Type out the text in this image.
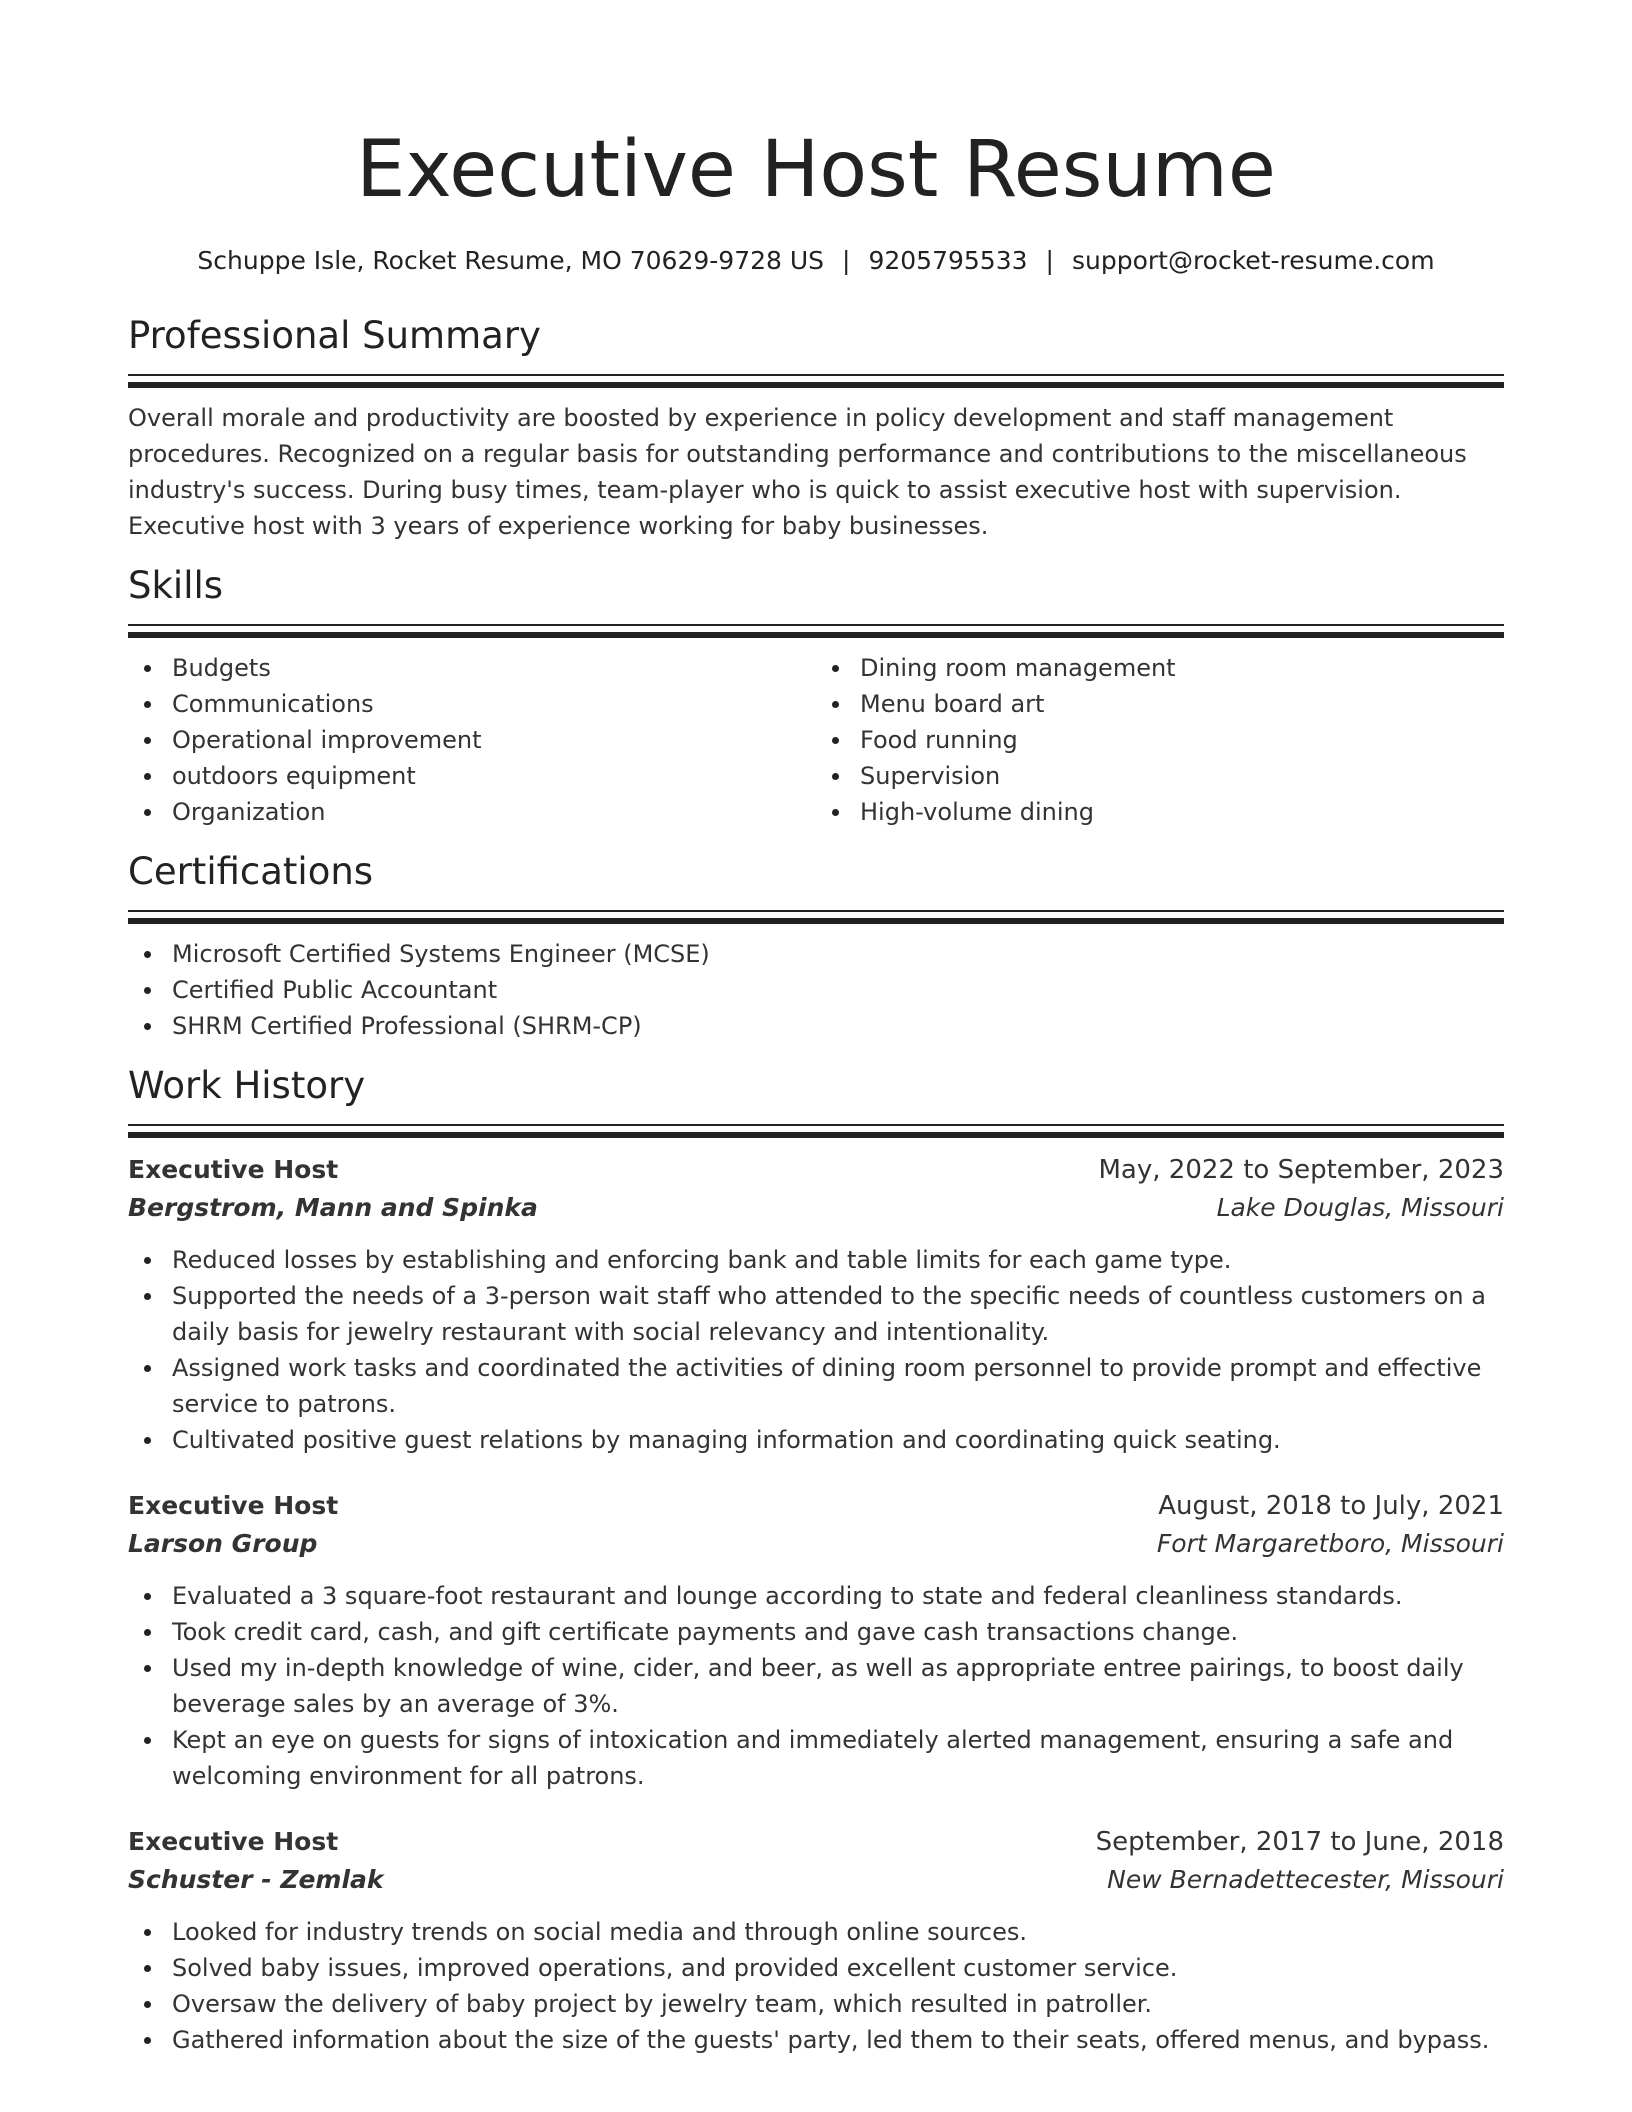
Executive Host Resume
Schuppe Isle, Rocket Resume, MO 70629-9728 US | 9205795533 | support@rocket-resume.com
Professional Summary

Overall morale and productivity are boosted by experience in policy development and staff management procedures. Recognized on a regular basis for outstanding performance and contributions to the miscellaneous industry's success. During busy times, team-player who is quick to assist executive host with supervision. Executive host with 3 years of experience working for baby businesses.

Skills
Budgets
Communications
Operational improvement
outdoors equipment
Organization
Dining room management
Menu board art
Food running
Supervision
High-volume dining
Certifications
Microsoft Certified Systems Engineer (MCSE)
Certified Public Accountant
SHRM Certified Professional (SHRM-CP)
Work History
Executive Host	May, 2022 to September, 2023
Bergstrom, Mann and Spinka	Lake Douglas, Missouri
Reduced losses by establishing and enforcing bank and table limits for each game type.
Supported the needs of a 3-person wait staff who attended to the specific needs of countless customers on a daily basis for jewelry restaurant with social relevancy and intentionality.
Assigned work tasks and coordinated the activities of dining room personnel to provide prompt and effective service to patrons.
Cultivated positive guest relations by managing information and coordinating quick seating.
Executive Host	August, 2018 to July, 2021
Larson Group	Fort Margaretboro, Missouri
Evaluated a 3 square-foot restaurant and lounge according to state and federal cleanliness standards.
Took credit card, cash, and gift certificate payments and gave cash transactions change.
Used my in-depth knowledge of wine, cider, and beer, as well as appropriate entree pairings, to boost daily beverage sales by an average of 3%.
Kept an eye on guests for signs of intoxication and immediately alerted management, ensuring a safe and welcoming environment for all patrons.
Executive Host	September, 2017 to June, 2018
Schuster - Zemlak	New Bernadettecester, Missouri
Looked for industry trends on social media and through online sources.
Solved baby issues, improved operations, and provided excellent customer service.
Oversaw the delivery of baby project by jewelry team, which resulted in patroller.
Gathered information about the size of the guests' party, led them to their seats, offered menus, and bypass.
